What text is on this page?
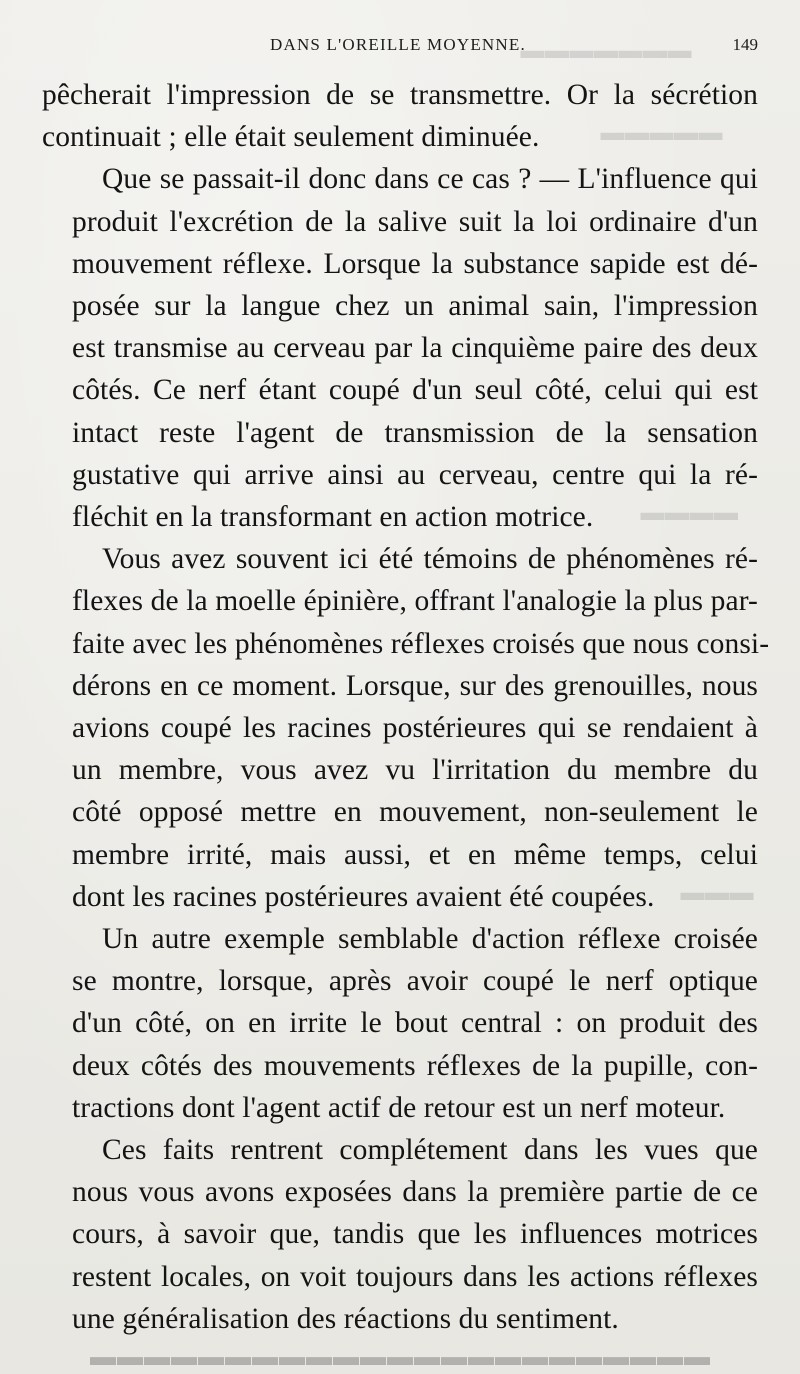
▬▬▬▬▬▬▬
▬▬▬▬▬
▬▬▬▬
▬▬▬
DANS L'OREILLE MOYENNE.	149

pêcherait l'impression de se transmettre. Or la sécrétion
continuait ; elle était seulement diminuée.

Que se passait-il donc dans ce cas ? — L'influence qui
produit l'excrétion de la salive suit la loi ordinaire d'un
mouvement réflexe. Lorsque la substance sapide est dé-
posée sur la langue chez un animal sain, l'impression
est transmise au cerveau par la cinquième paire des deux
côtés. Ce nerf étant coupé d'un seul côté, celui qui est
intact reste l'agent de transmission de la sensation
gustative qui arrive ainsi au cerveau, centre qui la ré-
fléchit en la transformant en action motrice.

Vous avez souvent ici été témoins de phénomènes ré-
flexes de la moelle épinière, offrant l'analogie la plus par-
faite avec les phénomènes réflexes croisés que nous consi-
dérons en ce moment. Lorsque, sur des grenouilles, nous
avions coupé les racines postérieures qui se rendaient à
un membre, vous avez vu l'irritation du membre du
côté opposé mettre en mouvement, non-seulement le
membre irrité, mais aussi, et en même temps, celui
dont les racines postérieures avaient été coupées.

Un autre exemple semblable d'action réflexe croisée
se montre, lorsque, après avoir coupé le nerf optique
d'un côté, on en irrite le bout central : on produit des
deux côtés des mouvements réflexes de la pupille, con-
tractions dont l'agent actif de retour est un nerf moteur.

Ces faits rentrent complétement dans les vues que
nous vous avons exposées dans la première partie de ce
cours, à savoir que, tandis que les influences motrices
restent locales, on voit toujours dans les actions réflexes
une généralisation des réactions du sentiment.

▬▬▬▬▬▬▬▬▬▬▬▬▬▬▬▬▬▬▬▬▬▬▬
